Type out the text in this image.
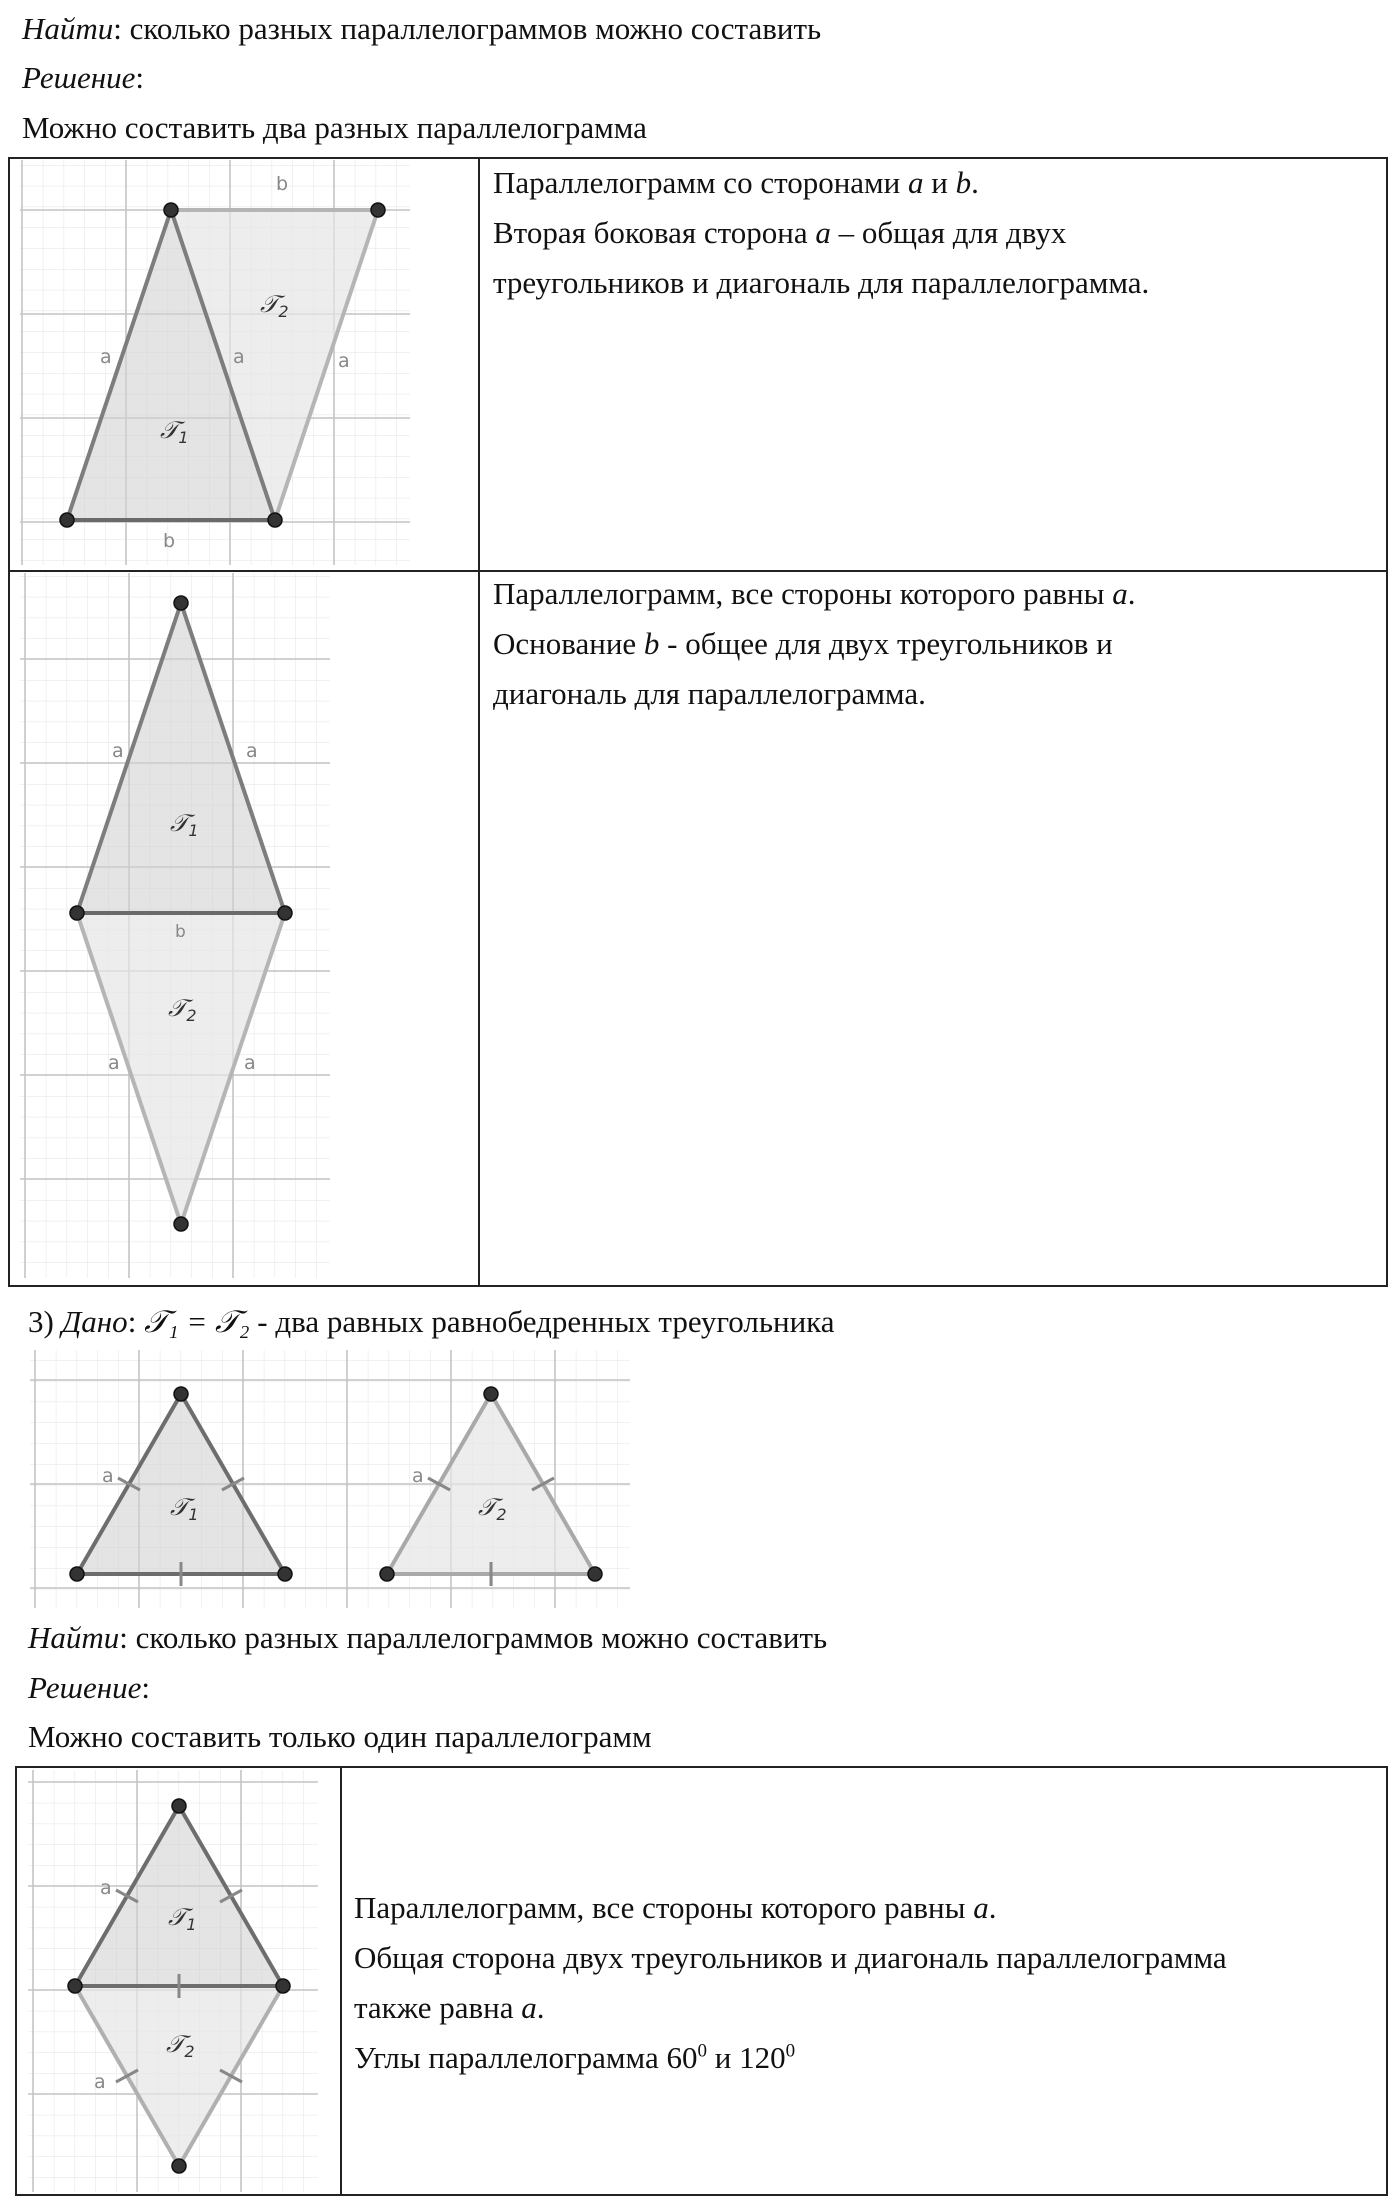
Найти: сколько разных параллелограммов можно составить
Решение:
Можно составить два разных параллелограмма
a	a	a
b
b
𝒯$_1$
𝒯$_2$
Параллелограмм со сторонами a и b.
Вторая боковая сторона a – общая для двух
треугольников и диагональ для параллелограмма.
a	a
a	a
b
𝒯$_1$
𝒯$_2$
Параллелограмм, все стороны которого равны a.
Основание b - общее для двух треугольников и
диагональ для параллелограмма.
3) Дано: 𝒯₁ = 𝒯₂ - два равных равнобедренных треугольника
a	a
𝒯$_1$	𝒯$_2$
Найти: сколько разных параллелограммов можно составить
Решение:
Можно составить только один параллелограмм
a
a
𝒯$_1$
𝒯$_2$
Параллелограмм, все стороны которого равны a.
Общая сторона двух треугольников и диагональ параллелограмма
также равна a.
Углы параллелограмма $60^0$ и $120^0$
